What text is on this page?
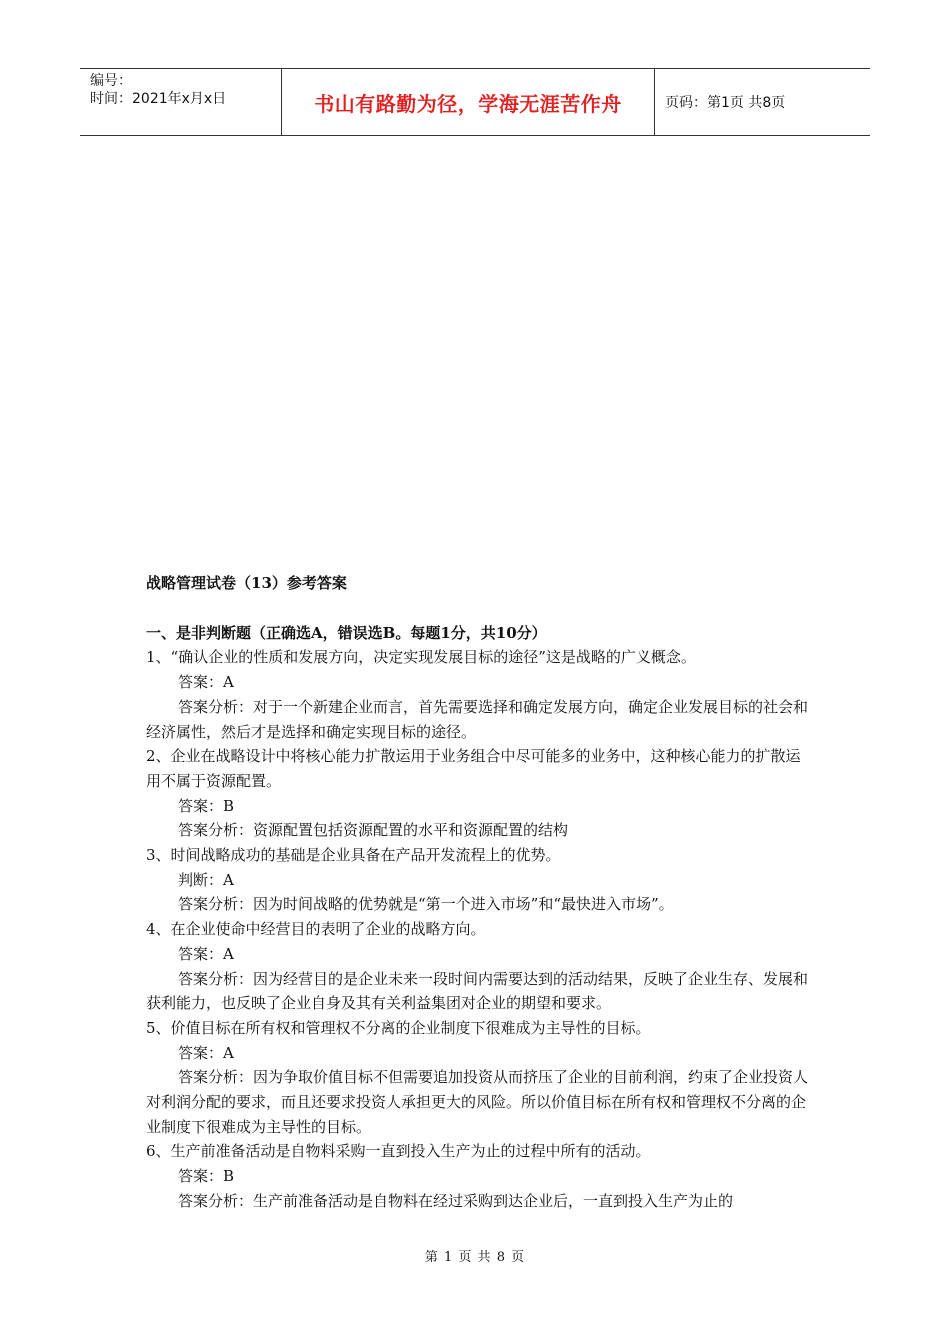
编号：
时间：2021年x月x日	书山有路勤为径，学海无涯苦作舟	页码：第1页 共8页

战略管理试卷（13）参考答案

一、是非判断题（正确选A，错误选B。每题1分，共10分）

1、“确认企业的性质和发展方向，决定实现发展目标的途径”这是战略的广义概念。

答案：A

答案分析：对于一个新建企业而言，首先需要选择和确定发展方向，确定企业发展目标的社会和经济属性，然后才是选择和确定实现目标的途径。

2、企业在战略设计中将核心能力扩散运用于业务组合中尽可能多的业务中，这种核心能力的扩散运用不属于资源配置。

答案：B

答案分析：资源配置包括资源配置的水平和资源配置的结构

3、时间战略成功的基础是企业具备在产品开发流程上的优势。

判断：A

答案分析：因为时间战略的优势就是“第一个进入市场”和“最快进入市场”。

4、在企业使命中经营目的表明了企业的战略方向。

答案：A

答案分析：因为经营目的是企业未来一段时间内需要达到的活动结果，反映了企业生存、发展和获利能力，也反映了企业自身及其有关利益集团对企业的期望和要求。

5、价值目标在所有权和管理权不分离的企业制度下很难成为主导性的目标。

答案：A

答案分析：因为争取价值目标不但需要追加投资从而挤压了企业的目前利润，约束了企业投资人对利润分配的要求，而且还要求投资人承担更大的风险。所以价值目标在所有权和管理权不分离的企业制度下很难成为主导性的目标。

6、生产前准备活动是自物料采购一直到投入生产为止的过程中所有的活动。

答案：B

答案分析：生产前准备活动是自物料在经过采购到达企业后，一直到投入生产为止的

第 1 页 共 8 页
